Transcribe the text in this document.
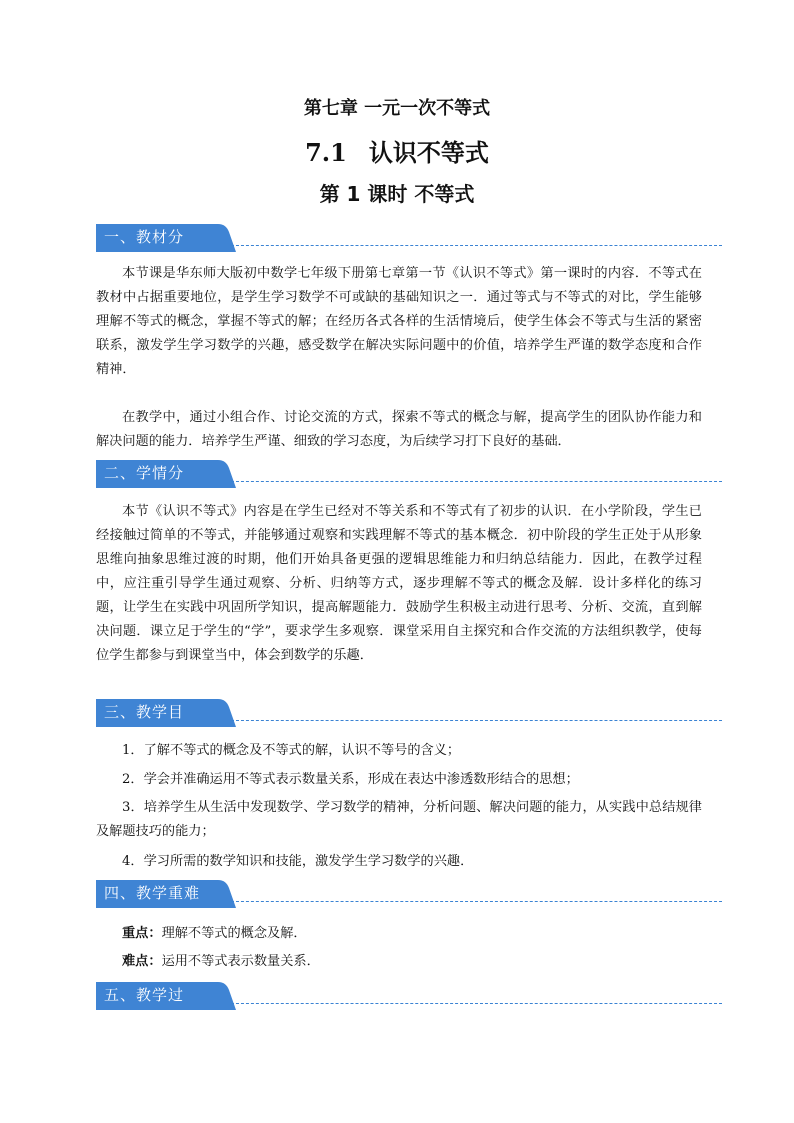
第七章 一元一次不等式
7.1 认识不等式
第 1 课时 不等式
一、教材分

本节课是华东师大版初中数学七年级下册第七章第一节《认识不等式》第一课时的内容．不等式在教材中占据重要地位，是学生学习数学不可或缺的基础知识之一．通过等式与不等式的对比，学生能够理解不等式的概念，掌握不等式的解；在经历各式各样的生活情境后，使学生体会不等式与生活的紧密联系，激发学生学习数学的兴趣，感受数学在解决实际问题中的价值，培养学生严谨的数学态度和合作精神．

在教学中，通过小组合作、讨论交流的方式，探索不等式的概念与解，提高学生的团队协作能力和解决问题的能力．培养学生严谨、细致的学习态度，为后续学习打下良好的基础．

二、学情分

本节《认识不等式》内容是在学生已经对不等关系和不等式有了初步的认识．在小学阶段，学生已经接触过简单的不等式，并能够通过观察和实践理解不等式的基本概念．初中阶段的学生正处于从形象思维向抽象思维过渡的时期，他们开始具备更强的逻辑思维能力和归纳总结能力．因此，在教学过程中，应注重引导学生通过观察、分析、归纳等方式，逐步理解不等式的概念及解．设计多样化的练习题，让学生在实践中巩固所学知识，提高解题能力．鼓励学生积极主动进行思考、分析、交流，直到解决问题．课立足于学生的“学”，要求学生多观察．课堂采用自主探究和合作交流的方法组织教学，使每位学生都参与到课堂当中，体会到数学的乐趣．

三、教学目

1．了解不等式的概念及不等式的解，认识不等号的含义；

2．学会并准确运用不等式表示数量关系，形成在表达中渗透数形结合的思想；

3．培养学生从生活中发现数学、学习数学的精神，分析问题、解决问题的能力，从实践中总结规律及解题技巧的能力；

4．学习所需的数学知识和技能，激发学生学习数学的兴趣．

四、教学重难

重点：理解不等式的概念及解．

难点：运用不等式表示数量关系．

五、教学过
